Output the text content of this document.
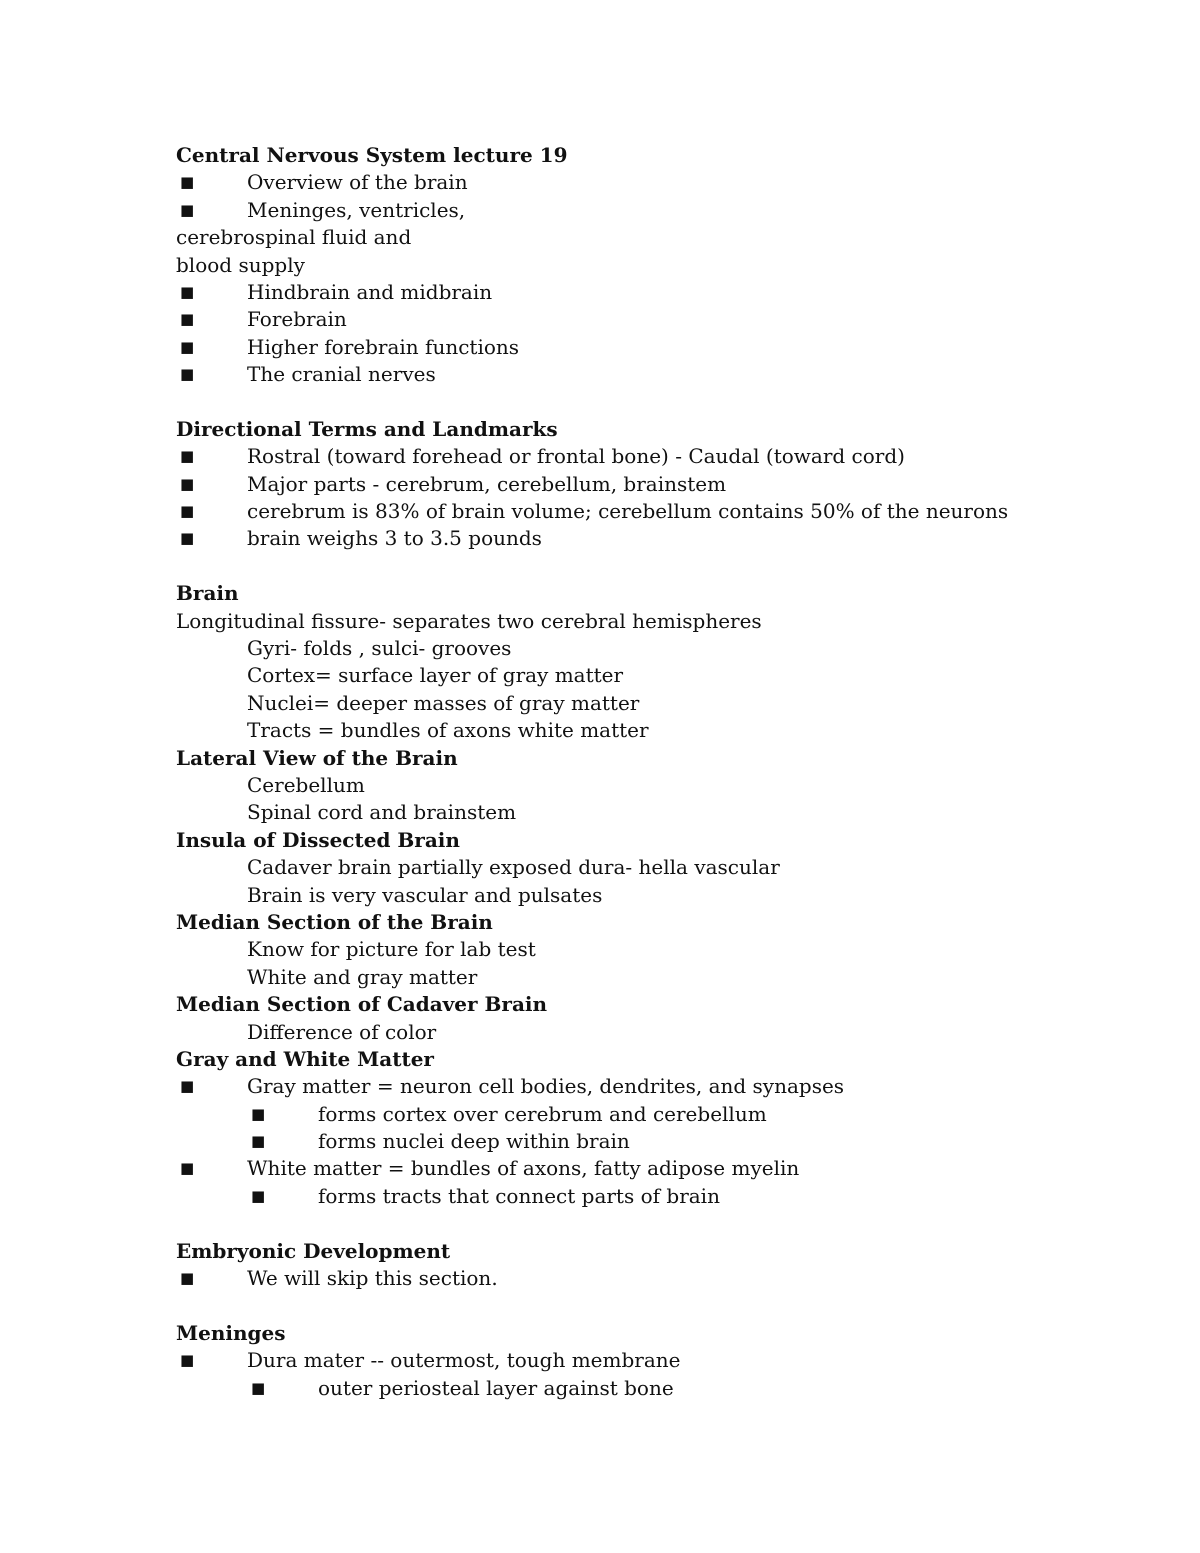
Central Nervous System lecture 19
■	Overview of the brain
■	Meninges, ventricles,
cerebrospinal fluid and
blood supply
■	Hindbrain and midbrain
■	Forebrain
■	Higher forebrain functions
■	The cranial nerves
Directional Terms and Landmarks
■	Rostral (toward forehead or frontal bone) - Caudal (toward cord)
■	Major parts - cerebrum, cerebellum, brainstem
■	cerebrum is 83% of brain volume; cerebellum contains 50% of the neurons
■	brain weighs 3 to 3.5 pounds
Brain
Longitudinal fissure- separates two cerebral hemispheres
Gyri- folds , sulci- grooves
Cortex= surface layer of gray matter
Nuclei= deeper masses of gray matter
Tracts = bundles of axons white matter
Lateral View of the Brain
Cerebellum
Spinal cord and brainstem
Insula of Dissected Brain
Cadaver brain partially exposed dura- hella vascular
Brain is very vascular and pulsates
Median Section of the Brain
Know for picture for lab test
White and gray matter
Median Section of Cadaver Brain
Difference of color
Gray and White Matter
■	Gray matter = neuron cell bodies, dendrites, and synapses
■	forms cortex over cerebrum and cerebellum
■	forms nuclei deep within brain
■	White matter = bundles of axons, fatty adipose myelin
■	forms tracts that connect parts of brain
Embryonic Development
■	We will skip this section.
Meninges
■	Dura mater -- outermost, tough membrane
■	outer periosteal layer against bone
